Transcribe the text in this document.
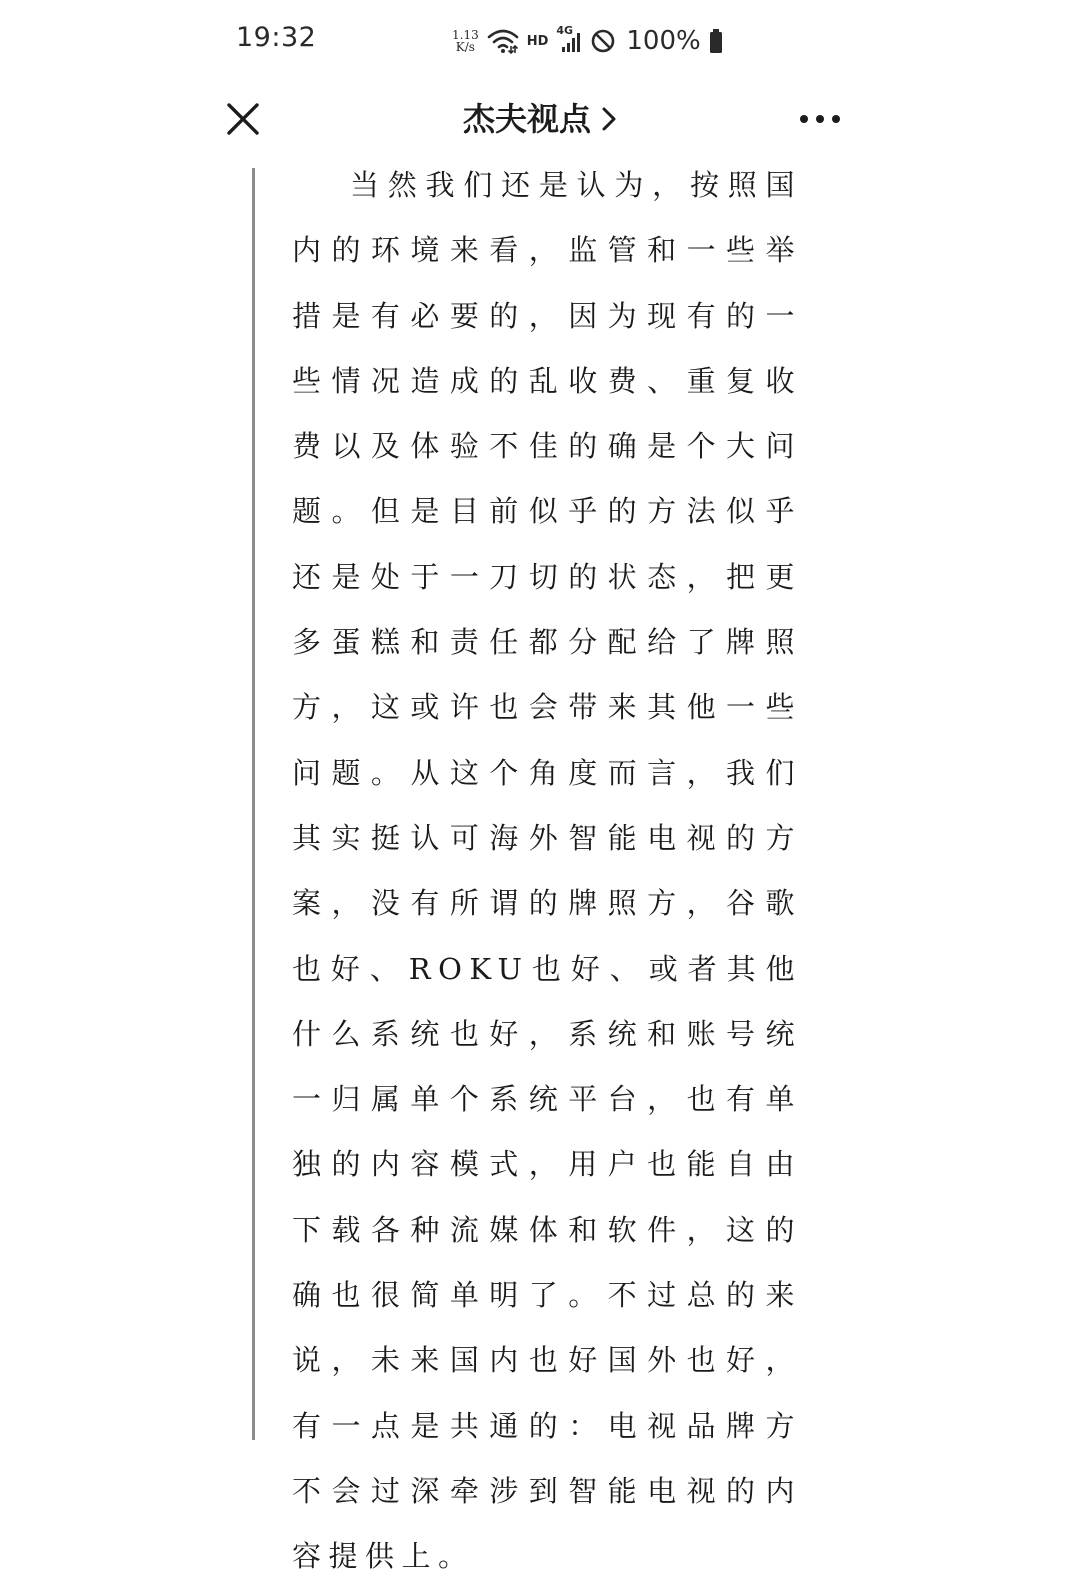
19:32	1.13
K/s	HD
4G 100%
杰夫视点

当然我们还是认为，按照国内的环境来看，监管和一些举措是有必要的，因为现有的一些情况造成的乱收费、重复收费以及体验不佳的确是个大问题。但是目前似乎的方法似乎还是处于一刀切的状态，把更多蛋糕和责任都分配给了牌照方，这或许也会带来其他一些问题。从这个角度而言，我们其实挺认可海外智能电视的方案，没有所谓的牌照方，谷歌也好、ROKU也好、或者其他什么系统也好，系统和账号统一归属单个系统平台，也有单独的内容模式，用户也能自由下载各种流媒体和软件，这的确也很简单明了。不过总的来说，未来国内也好国外也好，有一点是共通的：电视品牌方不会过深牵涉到智能电视的内容提供上。
